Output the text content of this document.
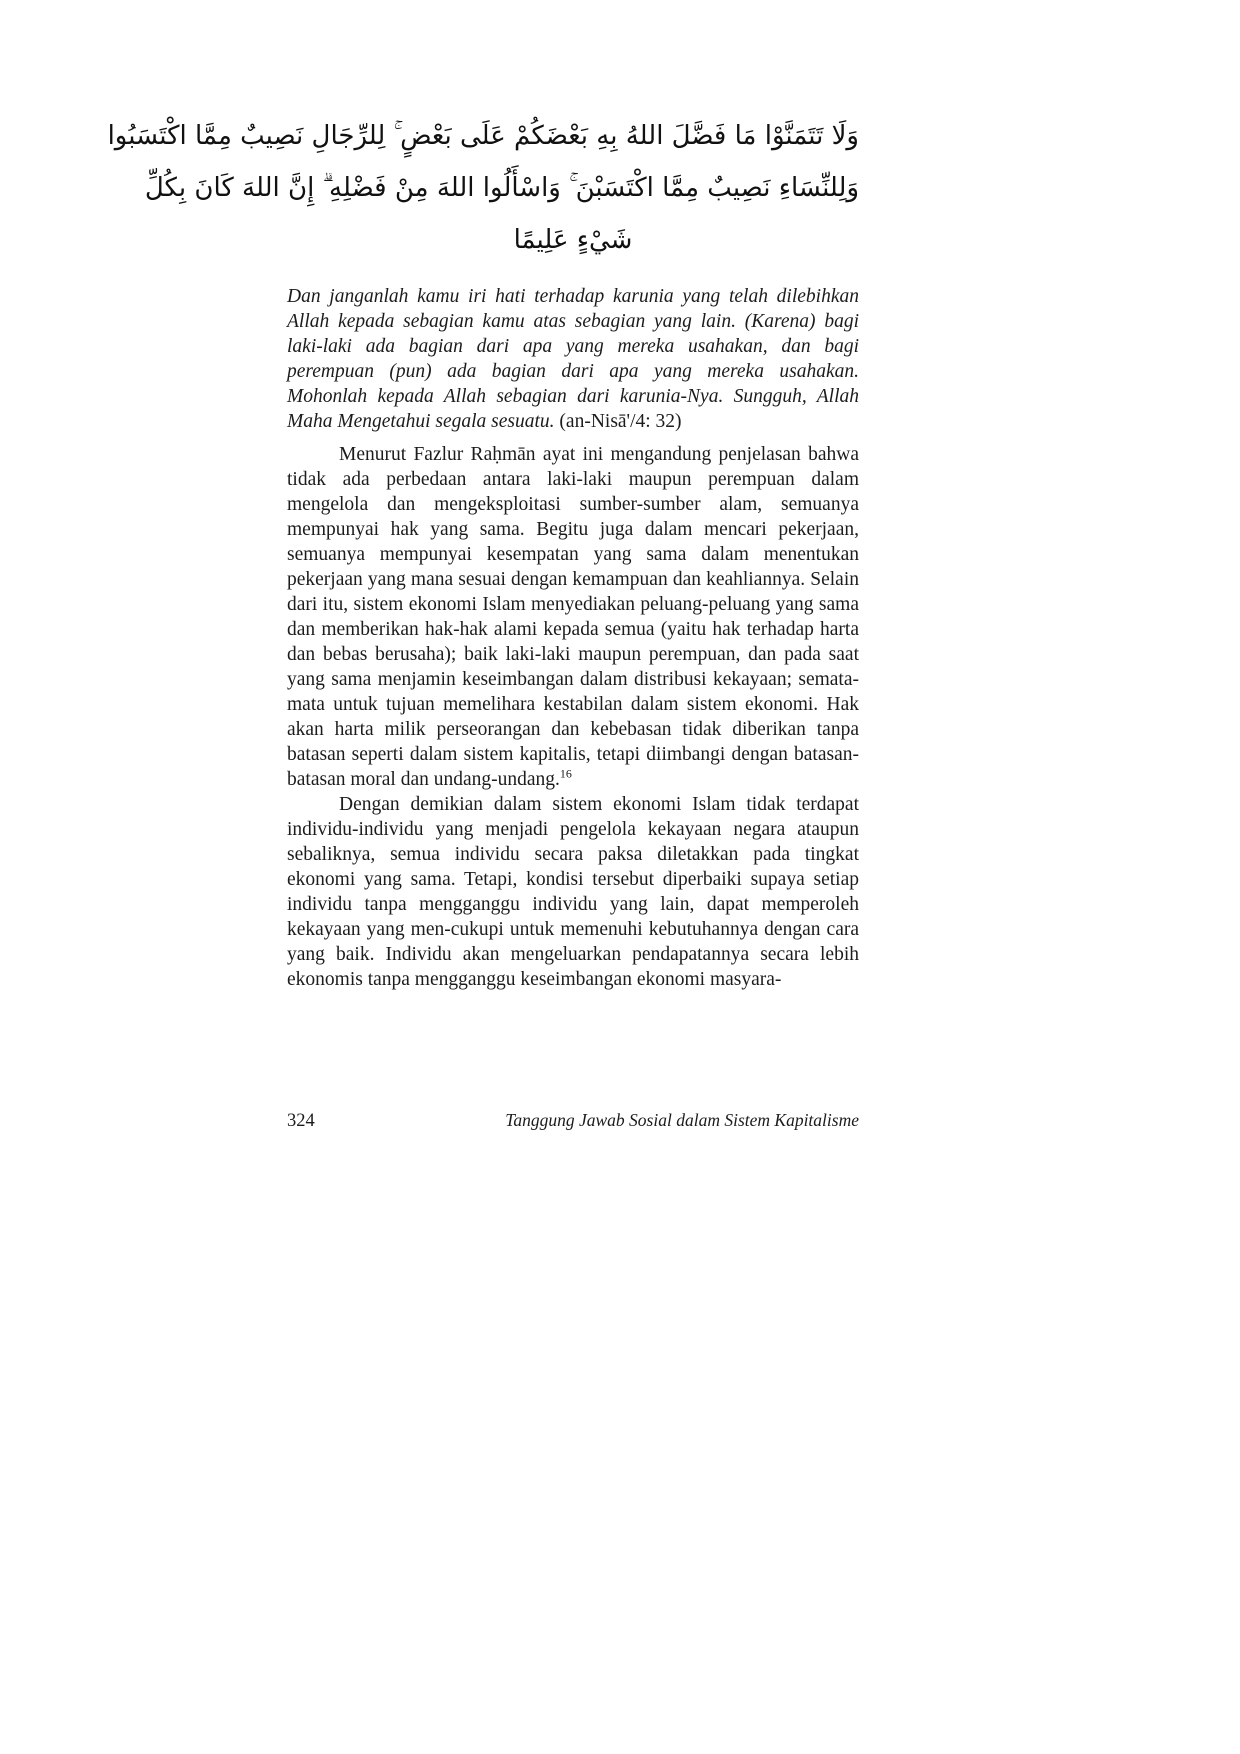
وَلَا تَتَمَنَّوْا مَا فَضَّلَ اللهُ بِهِ بَعْضَكُمْ عَلَى بَعْضٍ ۚ لِلرِّجَالِ نَصِيبٌ مِمَّا اكْتَسَبُوا
وَلِلنِّسَاءِ نَصِيبٌ مِمَّا اكْتَسَبْنَ ۚ وَاسْأَلُوا اللهَ مِنْ فَضْلِهِ ۗ إِنَّ اللهَ كَانَ بِكُلِّ
شَيْءٍ عَلِيمًا

Dan janganlah kamu iri hati terhadap karunia yang telah dilebihkan Allah kepada sebagian kamu atas sebagian yang lain. (Karena) bagi laki-laki ada bagian dari apa yang mereka usahakan, dan bagi perempuan (pun) ada bagian dari apa yang mereka usahakan. Mohonlah kepada Allah sebagian dari karunia-Nya. Sungguh, Allah Maha Mengetahui segala sesuatu. (an-Nisā'/4: 32)

Menurut Fazlur Raḥmān ayat ini mengandung penjelasan bahwa tidak ada perbedaan antara laki-laki maupun perempuan dalam mengelola dan mengeksploitasi sumber-sumber alam, semuanya mempunyai hak yang sama. Begitu juga dalam mencari pekerjaan, semuanya mempunyai kesempatan yang sama dalam menentukan pekerjaan yang mana sesuai dengan kemampuan dan keahliannya. Selain dari itu, sistem ekonomi Islam menyediakan peluang-peluang yang sama dan memberikan hak-hak alami kepada semua (yaitu hak terhadap harta dan bebas berusaha); baik laki-laki maupun perempuan, dan pada saat yang sama menjamin keseimbangan dalam distribusi kekayaan; semata-mata untuk tujuan memelihara kestabilan dalam sistem ekonomi. Hak akan harta milik perseorangan dan kebebasan tidak diberikan tanpa batasan seperti dalam sistem kapitalis, tetapi diimbangi dengan batasan-batasan moral dan undang-undang.$^{16}$

Dengan demikian dalam sistem ekonomi Islam tidak terdapat individu-individu yang menjadi pengelola kekayaan negara ataupun sebaliknya, semua individu secara paksa diletakkan pada tingkat ekonomi yang sama. Tetapi, kondisi tersebut diperbaiki supaya setiap individu tanpa mengganggu individu yang lain, dapat memperoleh kekayaan yang men-cukupi untuk memenuhi kebutuhannya dengan cara yang baik. Individu akan mengeluarkan pendapatannya secara lebih ekonomis tanpa mengganggu keseimbangan ekonomi masyara-

324	Tanggung Jawab Sosial dalam Sistem Kapitalisme
